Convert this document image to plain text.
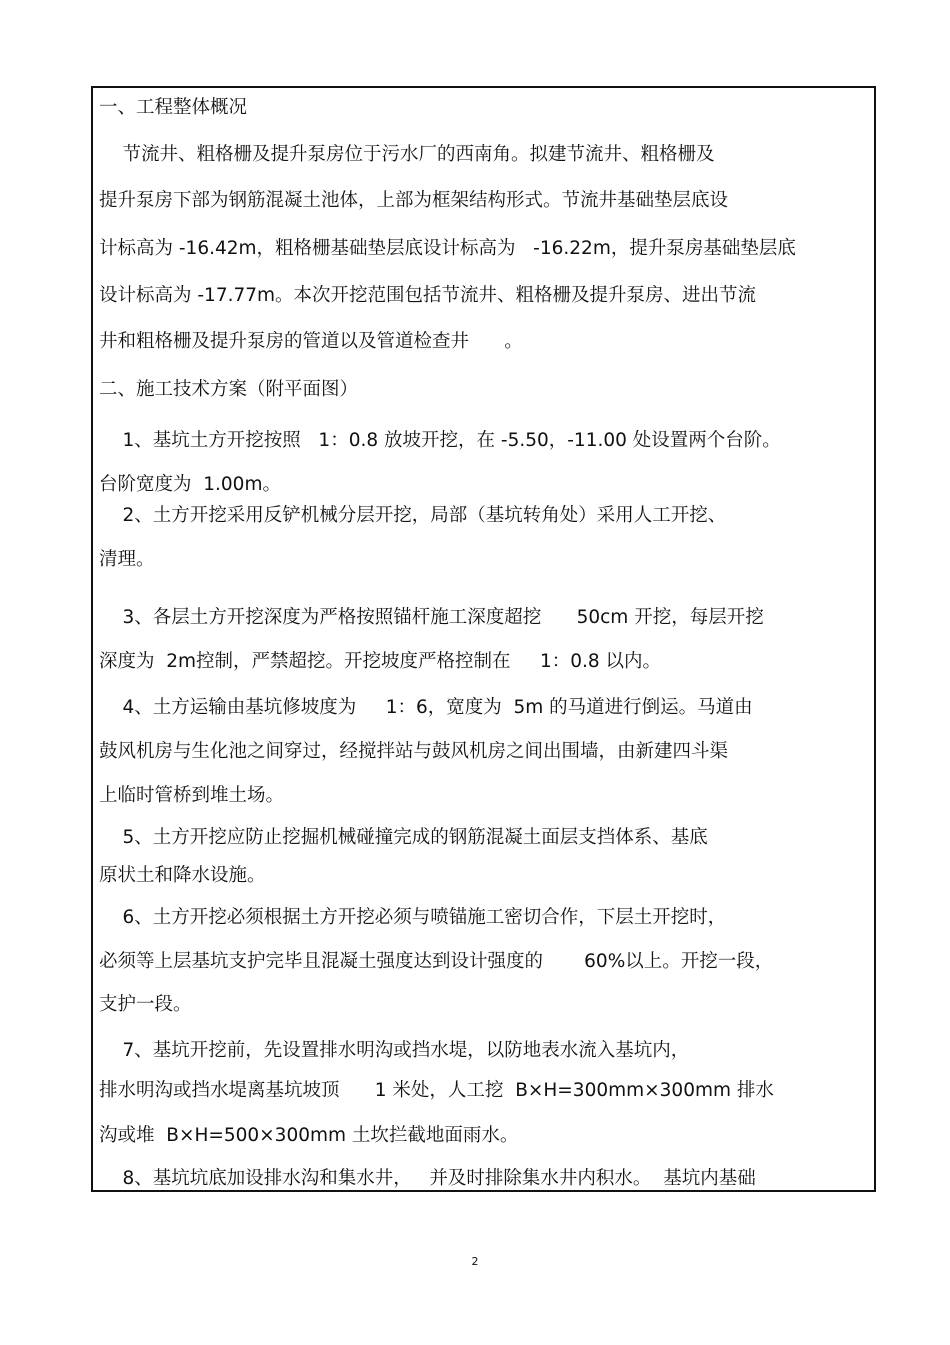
一、工程整体概况
节流井、粗格栅及提升泵房位于污水厂的西南角。拟建节流井、粗格栅及
提升泵房下部为钢筋混凝土池体，上部为框架结构形式。节流井基础垫层底设
计标高为 -16.42m，粗格栅基础垫层底设计标高为   -16.22m，提升泵房基础垫层底
设计标高为 -17.77m。本次开挖范围包括节流井、粗格栅及提升泵房、进出节流
井和粗格栅及提升泵房的管道以及管道检查井      。
二、施工技术方案（附平面图）
1、基坑土方开挖按照   1：0.8 放坡开挖，在 -5.50，-11.00 处设置两个台阶。
台阶宽度为  1.00m。
2、土方开挖采用反铲机械分层开挖，局部（基坑转角处）采用人工开挖、
清理。
3、各层土方开挖深度为严格按照锚杆施工深度超挖      50cm 开挖，每层开挖
深度为  2m控制，严禁超挖。开挖坡度严格控制在     1：0.8 以内。
4、土方运输由基坑修坡度为     1：6，宽度为  5m 的马道进行倒运。马道由
鼓风机房与生化池之间穿过，经搅拌站与鼓风机房之间出围墙，由新建四斗渠
上临时管桥到堆土场。
5、土方开挖应防止挖掘机械碰撞完成的钢筋混凝土面层支挡体系、基底
原状土和降水设施。
6、土方开挖必须根据土方开挖必须与喷锚施工密切合作，下层土开挖时，
必须等上层基坑支护完毕且混凝土强度达到设计强度的       60%以上。开挖一段，
支护一段。
7、基坑开挖前，先设置排水明沟或挡水堤，以防地表水流入基坑内，
排水明沟或挡水堤离基坑坡顶      1 米处，人工挖  B×H=300mm×300mm 排水
沟或堆  B×H=500×300mm 土坎拦截地面雨水。
8、基坑坑底加设排水沟和集水井，   并及时排除集水井内积水。  基坑内基础
2
